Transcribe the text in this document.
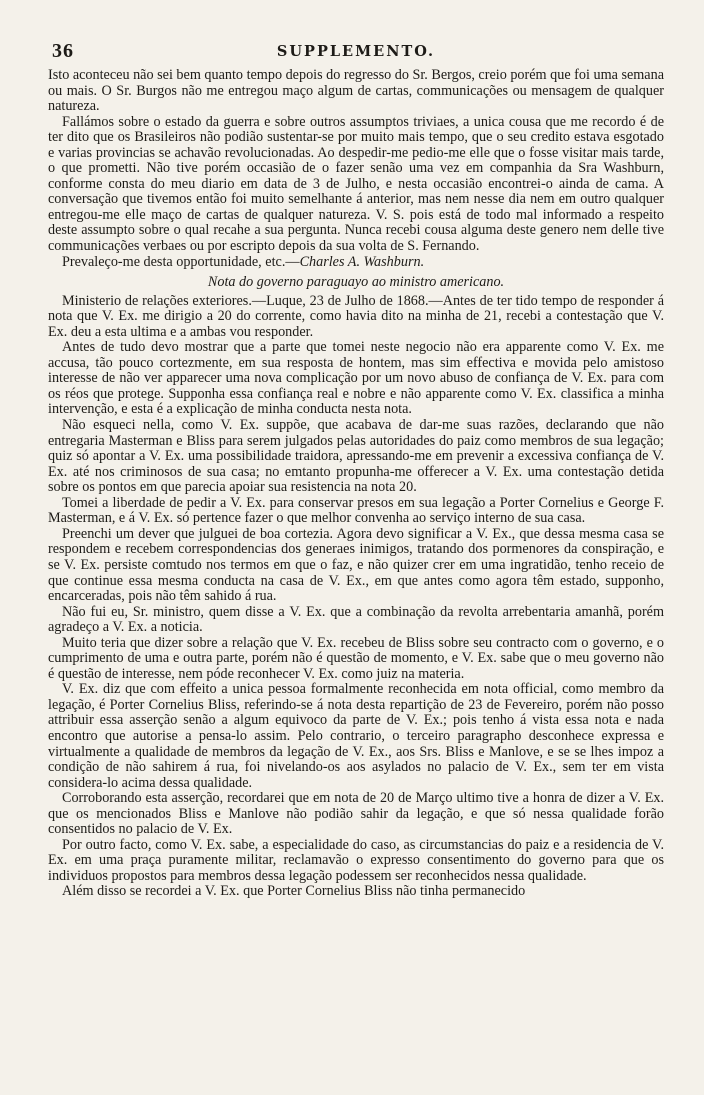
36	SUPPLEMENTO.

Isto aconteceu não sei bem quanto tempo depois do regresso do Sr. Bergos, creio porém que foi uma semana ou mais. O Sr. Burgos não me entregou maço algum de cartas, communicações ou mensagem de qualquer natureza.

Fallámos sobre o estado da guerra e sobre outros assumptos triviaes, a unica cousa que me recordo é de ter dito que os Brasileiros não podião sustentar-se por muito mais tempo, que o seu credito estava esgotado e varias provincias se achavão revolucionadas. Ao despedir-me pedio-me elle que o fosse visitar mais tarde, o que prometti. Não tive porém occasião de o fazer senão uma vez em companhia da Sra Washburn, conforme consta do meu diario em data de 3 de Julho, e nesta occasião encontrei-o ainda de cama. A conversação que tivemos então foi muito semelhante á anterior, mas nem nesse dia nem em outro qualquer entregou-me elle maço de cartas de qualquer natureza. V. S. pois está de todo mal informado a respeito deste assumpto sobre o qual recahe a sua pergunta. Nunca recebi cousa alguma deste genero nem delle tive communicações verbaes ou por escripto depois da sua volta de S. Fernando.

Prevaleço-me desta opportunidade, etc.—Charles A. Washburn.

Nota do governo paraguayo ao ministro americano.

Ministerio de relações exteriores.—Luque, 23 de Julho de 1868.—Antes de ter tido tempo de responder á nota que V. Ex. me dirigio a 20 do corrente, como havia dito na minha de 21, recebi a contestação que V. Ex. deu a esta ultima e a ambas vou responder.

Antes de tudo devo mostrar que a parte que tomei neste negocio não era apparente como V. Ex. me accusa, tão pouco cortezmente, em sua resposta de hontem, mas sim effectiva e movida pelo amistoso interesse de não ver apparecer uma nova complicação por um novo abuso de confiança de V. Ex. para com os réos que protege. Supponha essa confiança real e nobre e não apparente como V. Ex. classifica a minha intervenção, e esta é a explicação de minha conducta nesta nota.

Não esqueci nella, como V. Ex. suppõe, que acabava de dar-me suas razões, declarando que não entregaria Masterman e Bliss para serem julgados pelas autoridades do paiz como membros de sua legação; quiz só apontar a V. Ex. uma possibilidade traidora, apressando-me em prevenir a excessiva confiança de V. Ex. até nos criminosos de sua casa; no emtanto propunha-me offerecer a V. Ex. uma contestação detida sobre os pontos em que parecia apoiar sua resistencia na nota 20.

Tomei a liberdade de pedir a V. Ex. para conservar presos em sua legação a Porter Cornelius e George F. Masterman, e á V. Ex. só pertence fazer o que melhor convenha ao serviço interno de sua casa.

Preenchi um dever que julguei de boa cortezia. Agora devo significar a V. Ex., que dessa mesma casa se respondem e recebem correspondencias dos generaes inimigos, tratando dos pormenores da conspiração, e se V. Ex. persiste comtudo nos termos em que o faz, e não quizer crer em uma ingratidão, tenho receio de que continue essa mesma conducta na casa de V. Ex., em que antes como agora têm estado, supponho, encarceradas, pois não têm sahido á rua.

Não fui eu, Sr. ministro, quem disse a V. Ex. que a combinação da revolta arrebentaria amanhã, porém agradeço a V. Ex. a noticia.

Muito teria que dizer sobre a relação que V. Ex. recebeu de Bliss sobre seu contracto com o governo, e o cumprimento de uma e outra parte, porém não é questão de momento, e V. Ex. sabe que o meu governo não é questão de interesse, nem póde reconhecer V. Ex. como juiz na materia.

V. Ex. diz que com effeito a unica pessoa formalmente reconhecida em nota official, como membro da legação, é Porter Cornelius Bliss, referindo-se á nota desta repartição de 23 de Fevereiro, porém não posso attribuir essa asserção senão a algum equivoco da parte de V. Ex.; pois tenho á vista essa nota e nada encontro que autorise a pensa-lo assim. Pelo contrario, o terceiro paragrapho desconhece expressa e virtualmente a qualidade de membros da legação de V. Ex., aos Srs. Bliss e Manlove, e se se lhes impoz a condição de não sahirem á rua, foi nivelando-os aos asylados no palacio de V. Ex., sem ter em vista considera-lo acima dessa qualidade.

Corroborando esta asserção, recordarei que em nota de 20 de Março ultimo tive a honra de dizer a V. Ex. que os mencionados Bliss e Manlove não podião sahir da legação, e que só nessa qualidade forão consentidos no palacio de V. Ex.

Por outro facto, como V. Ex. sabe, a especialidade do caso, as circumstancias do paiz e a residencia de V. Ex. em uma praça puramente militar, reclamavão o expresso consentimento do governo para que os individuos propostos para membros dessa legação podessem ser reconhecidos nessa qualidade.

Além disso se recordei a V. Ex. que Porter Cornelius Bliss não tinha permanecido
